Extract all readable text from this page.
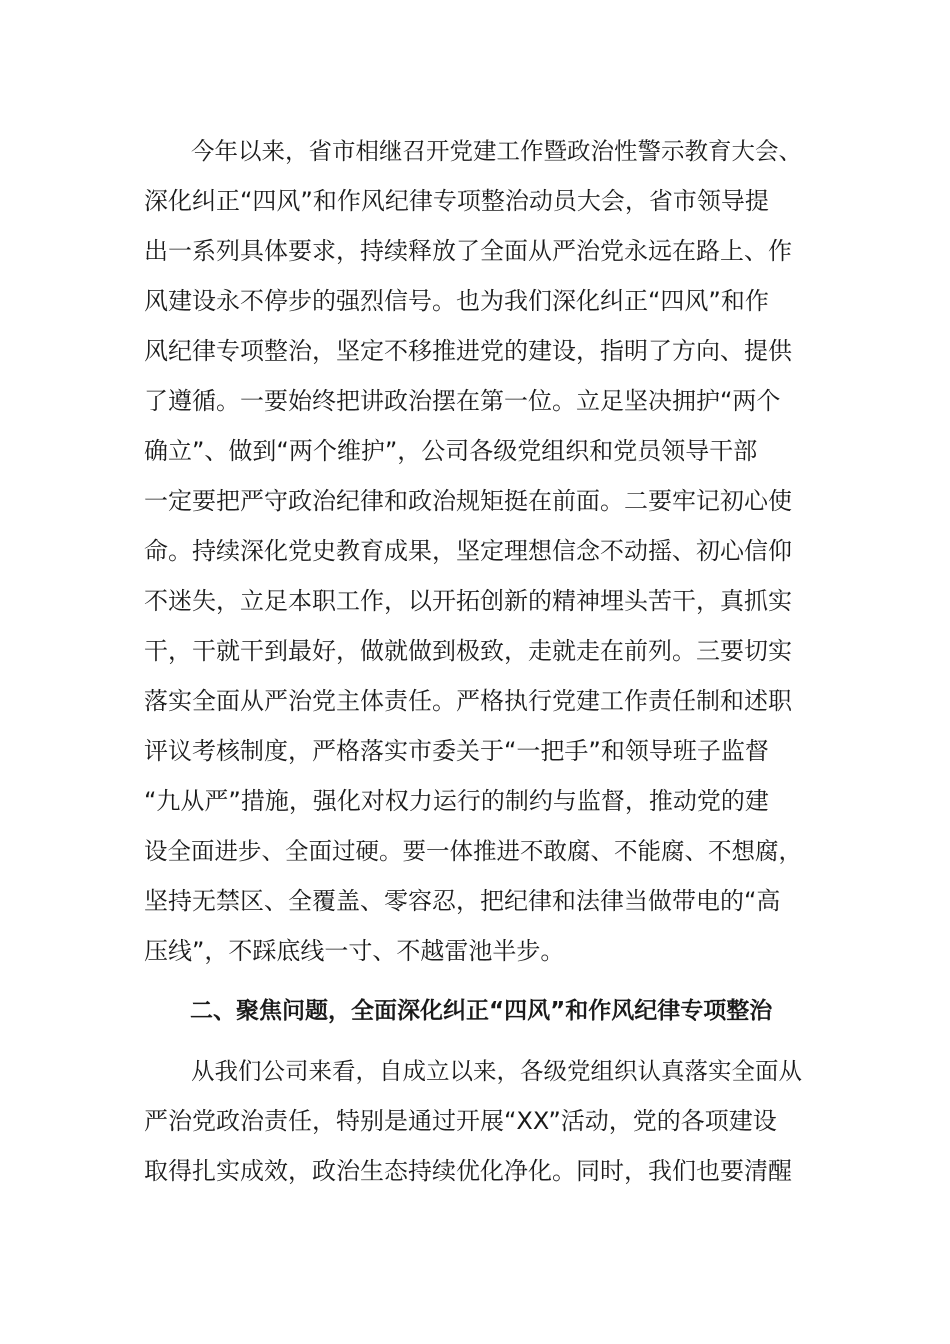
　　今年以来，省市相继召开党建工作暨政治性警示教育大会、
深化纠正“四风”和作风纪律专项整治动员大会，省市领导提
出一系列具体要求，持续释放了全面从严治党永远在路上、作
风建设永不停步的强烈信号。也为我们深化纠正“四风”和作
风纪律专项整治，坚定不移推进党的建设，指明了方向、提供
了遵循。一要始终把讲政治摆在第一位。立足坚决拥护“两个
确立”、做到“两个维护”，公司各级党组织和党员领导干部
一定要把严守政治纪律和政治规矩挺在前面。二要牢记初心使
命。持续深化党史教育成果，坚定理想信念不动摇、初心信仰
不迷失，立足本职工作，以开拓创新的精神埋头苦干，真抓实
干，干就干到最好，做就做到极致，走就走在前列。三要切实
落实全面从严治党主体责任。严格执行党建工作责任制和述职
评议考核制度，严格落实市委关于“一把手”和领导班子监督
“九从严”措施，强化对权力运行的制约与监督，推动党的建
设全面进步、全面过硬。要一体推进不敢腐、不能腐、不想腐，
坚持无禁区、全覆盖、零容忍，把纪律和法律当做带电的“高
压线”，不踩底线一寸、不越雷池半步。
　　二、聚焦问题，全面深化纠正“四风”和作风纪律专项整治
　　从我们公司来看，自成立以来，各级党组织认真落实全面从
严治党政治责任，特别是通过开展“XX”活动，党的各项建设
取得扎实成效，政治生态持续优化净化。同时，我们也要清醒
